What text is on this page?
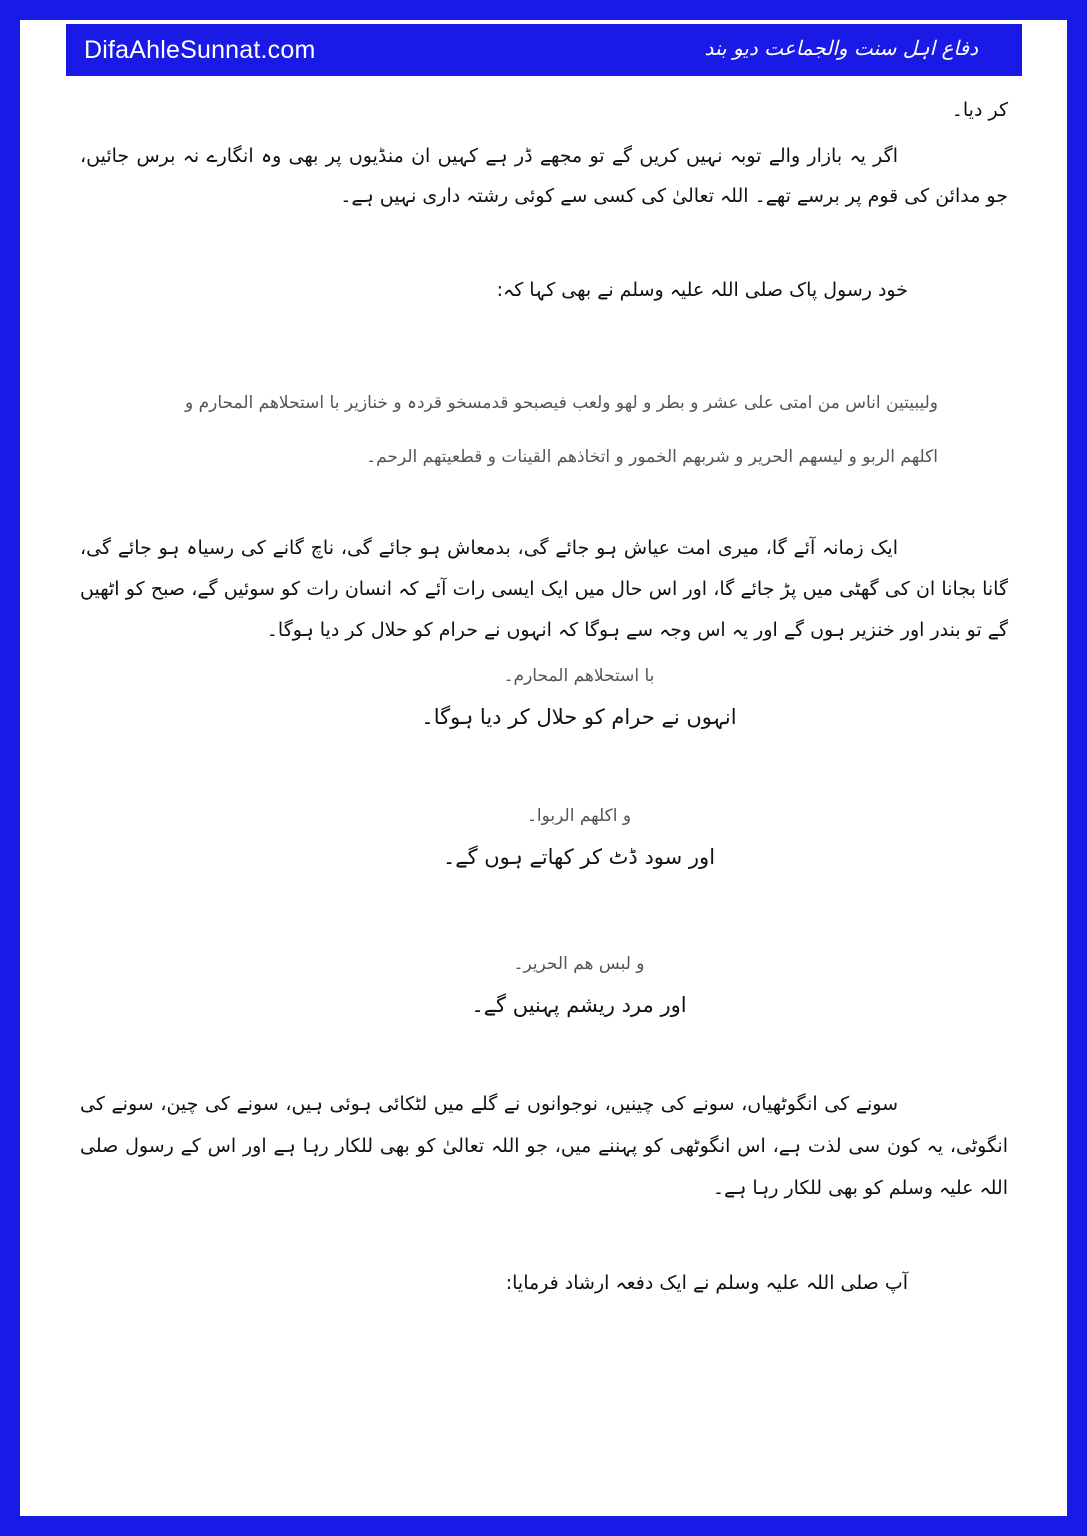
DifaAhleSunnat.com	دفاع اہل سنت والجماعت دیو بند

کر دیا۔

اگر یہ بازار والے توبہ نہیں کریں گے تو مجھے ڈر ہے کہیں ان منڈیوں پر بھی وہ انگارے نہ برس جائیں، جو مدائن کی قوم پر برسے تھے۔ اللہ تعالیٰ کی کسی سے کوئی رشتہ داری نہیں ہے۔

خود رسول پاک صلی اللہ علیہ وسلم نے بھی کہا کہ:

ولیبیتین اناس من امتی علی عشر و بطر و لھو ولعب فیصبحو قدمسخو قردہ و خنازیر با استحلاھم المحارم و اکلھم الربو و لیسھم الحریر و شربھم الخمور و اتخاذھم القینات و قطعیتھم الرحم۔

ایک زمانہ آئے گا، میری امت عیاش ہو جائے گی، بدمعاش ہو جائے گی، ناچ گانے کی رسیاہ ہو جائے گی، گانا بجانا ان کی گھٹی میں پڑ جائے گا، اور اس حال میں ایک ایسی رات آئے کہ انسان رات کو سوئیں گے، صبح کو اٹھیں گے تو بندر اور خنزیر ہوں گے اور یہ اس وجہ سے ہوگا کہ انہوں نے حرام کو حلال کر دیا ہوگا۔

با استحلاھم المحارم۔

انہوں نے حرام کو حلال کر دیا ہوگا۔

و اکلھم الربوا۔

اور سود ڈٹ کر کھاتے ہوں گے۔

و لبس ھم الحریر۔

اور مرد ریشم پہنیں گے۔

سونے کی انگوٹھیاں، سونے کی چینیں، نوجوانوں نے گلے میں لٹکائی ہوئی ہیں، سونے کی چین، سونے کی انگوٹی، یہ کون سی لذت ہے، اس انگوٹھی کو پہننے میں، جو اللہ تعالیٰ کو بھی للکار رہا ہے اور اس کے رسول صلی اللہ علیہ وسلم کو بھی للکار رہا ہے۔

آپ صلی اللہ علیہ وسلم نے ایک دفعہ ارشاد فرمایا:
